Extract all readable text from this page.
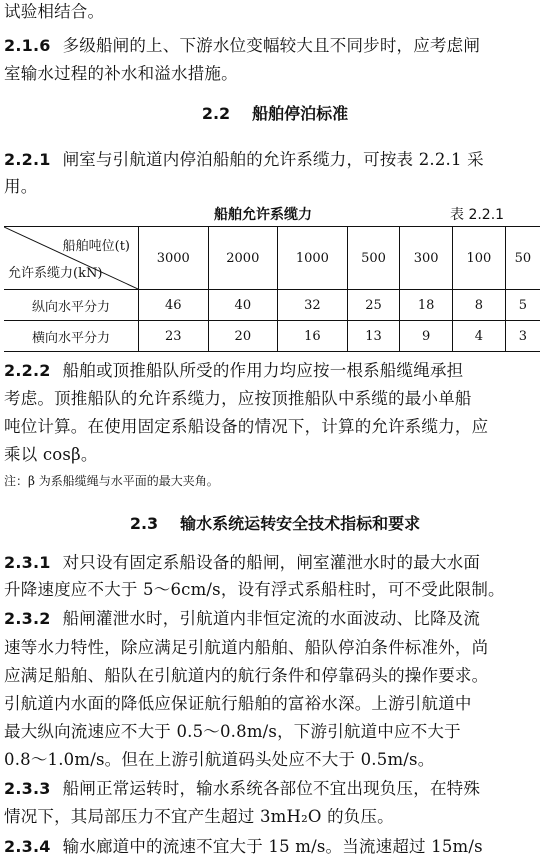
试验相结合。
2.1.6 多级船闸的上、下游水位变幅较大且不同步时，应考虑闸
室输水过程的补水和溢水措施。
2.2 船舶停泊标准
2.2.1 闸室与引航道内停泊船舶的允许系缆力，可按表 2.2.1 采
用。
船舶允许系缆力	表 2.2.1
船舶吨位(t)
允许系缆力(kN)	3000	2000	1000	500	300	100	50
纵向水平分力	46	40	32	25	18	8	5
横向水平分力	23	20	16	13	9	4	3
2.2.2 船舶或顶推船队所受的作用力均应按一根系船缆绳承担
考虑。顶推船队的允许系缆力，应按顶推船队中系缆的最小单船
吨位计算。在使用固定系船设备的情况下，计算的允许系缆力，应
乘以 cosβ。
注：β 为系船缆绳与水平面的最大夹角。
2.3 输水系统运转安全技术指标和要求
2.3.1 对只设有固定系船设备的船闸，闸室灌泄水时的最大水面
升降速度应不大于 5～6cm/s，设有浮式系船柱时，可不受此限制。
2.3.2 船闸灌泄水时，引航道内非恒定流的水面波动、比降及流
速等水力特性，除应满足引航道内船舶、船队停泊条件标准外，尚
应满足船舶、船队在引航道内的航行条件和停靠码头的操作要求。
引航道内水面的降低应保证航行船舶的富裕水深。上游引航道中
最大纵向流速应不大于 0.5～0.8m/s，下游引航道中应不大于
0.8～1.0m/s。但在上游引航道码头处应不大于 0.5m/s。
2.3.3 船闸正常运转时，输水系统各部位不宜出现负压，在特殊
情况下，其局部压力不宜产生超过 3mH₂O 的负压。
2.3.4 输水廊道中的流速不宜大于 15 m/s。当流速超过 15m/s
